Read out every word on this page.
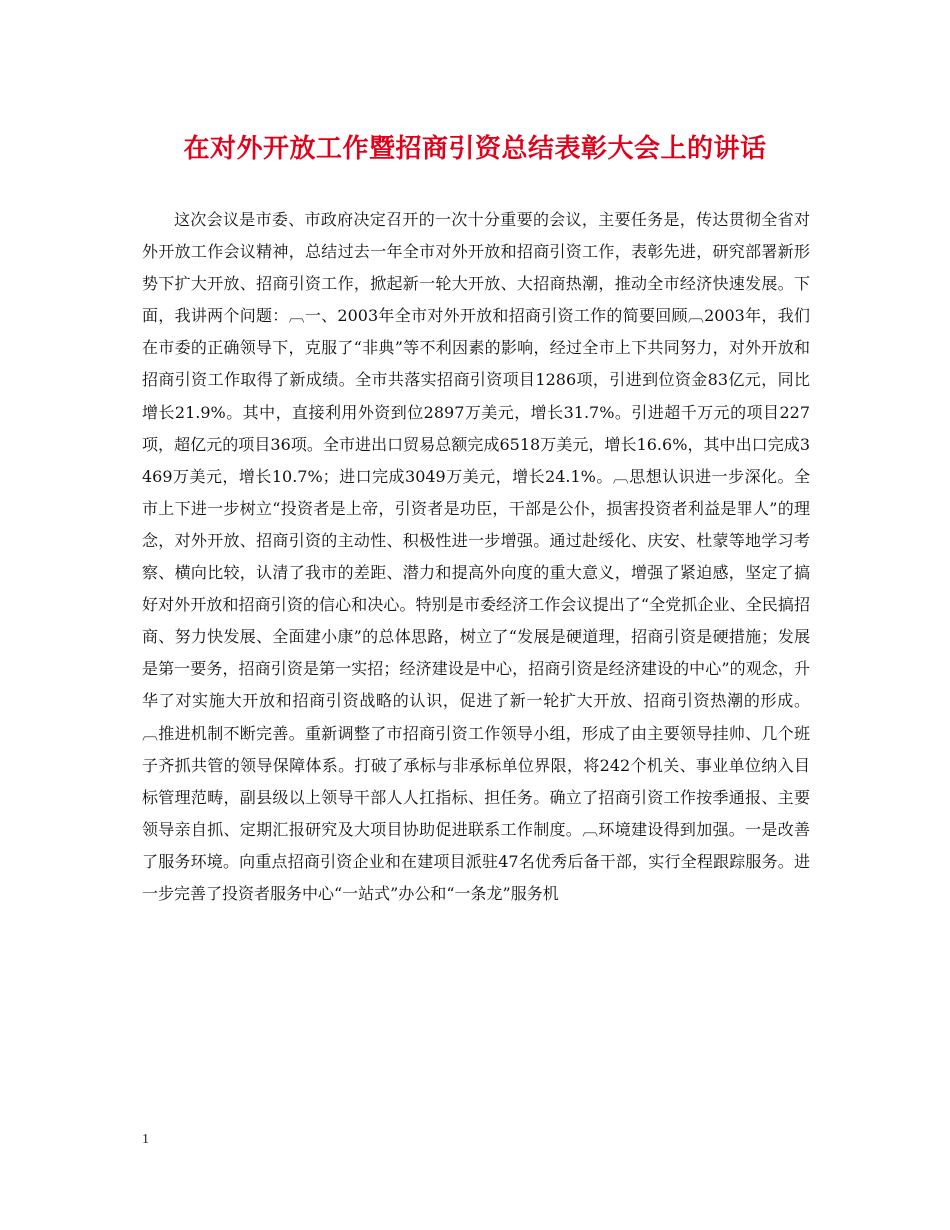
在对外开放工作暨招商引资总结表彰大会上的讲话

这次会议是市委、市政府决定召开的一次十分重要的会议，主要任务是，传达贯彻全省对外开放工作会议精神，总结过去一年全市对外开放和招商引资工作，表彰先进，研究部署新形势下扩大开放、招商引资工作，掀起新一轮大开放、大招商热潮，推动全市经济快速发展。下面，我讲两个问题：︹一、2003年全市对外开放和招商引资工作的简要回顾︹2003年，我们在市委的正确领导下，克服了“非典”等不利因素的影响，经过全市上下共同努力，对外开放和招商引资工作取得了新成绩。全市共落实招商引资项目1286项，引进到位资金83亿元，同比增长21.9%。其中，直接利用外资到位2897万美元，增长31.7%。引进超千万元的项目227项，超亿元的项目36项。全市进出口贸易总额完成6518万美元，增长16.6%，其中出口完成3469万美元，增长10.7%；进口完成3049万美元，增长24.1%。︹思想认识进一步深化。全市上下进一步树立“投资者是上帝，引资者是功臣，干部是公仆，损害投资者利益是罪人”的理念，对外开放、招商引资的主动性、积极性进一步增强。通过赴绥化、庆安、杜蒙等地学习考察、横向比较，认清了我市的差距、潜力和提高外向度的重大意义，增强了紧迫感，坚定了搞好对外开放和招商引资的信心和决心。特别是市委经济工作会议提出了“全党抓企业、全民搞招商、努力快发展、全面建小康”的总体思路，树立了“发展是硬道理，招商引资是硬措施；发展是第一要务，招商引资是第一实招；经济建设是中心，招商引资是经济建设的中心”的观念，升华了对实施大开放和招商引资战略的认识，促进了新一轮扩大开放、招商引资热潮的形成。︹推进机制不断完善。重新调整了市招商引资工作领导小组，形成了由主要领导挂帅、几个班子齐抓共管的领导保障体系。打破了承标与非承标单位界限，将242个机关、事业单位纳入目标管理范畴，副县级以上领导干部人人扛指标、担任务。确立了招商引资工作按季通报、主要领导亲自抓、定期汇报研究及大项目协助促进联系工作制度。︹环境建设得到加强。一是改善了服务环境。向重点招商引资企业和在建项目派驻47名优秀后备干部，实行全程跟踪服务。进一步完善了投资者服务中心“一站式”办公和“一条龙”服务机

1
